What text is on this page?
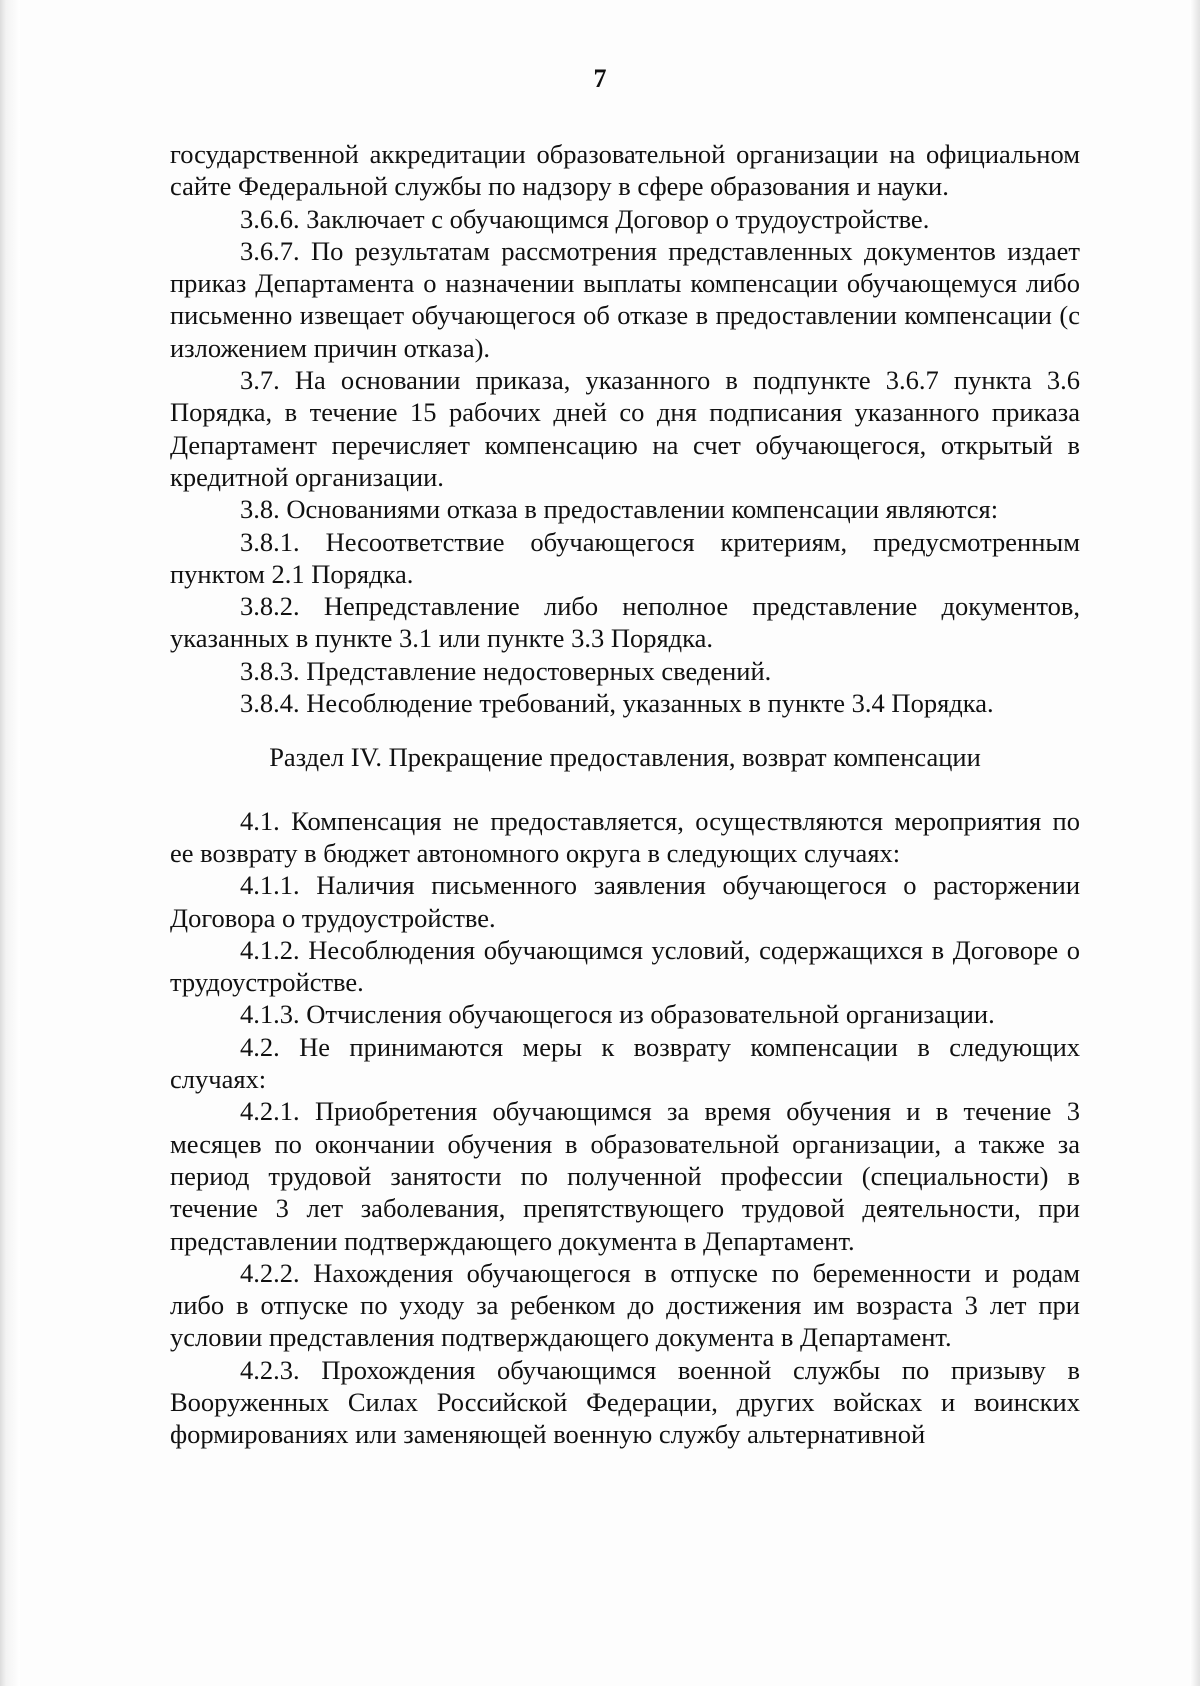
7

государственной аккредитации образовательной организации на официальном сайте Федеральной службы по надзору в сфере образования и науки.

3.6.6. Заключает с обучающимся Договор о трудоустройстве.

3.6.7. По результатам рассмотрения представленных документов издает приказ Департамента о назначении выплаты компенсации обучающемуся либо письменно извещает обучающегося об отказе в предоставлении компенсации (с изложением причин отказа).

3.7. На основании приказа, указанного в подпункте 3.6.7 пункта 3.6 Порядка, в течение 15 рабочих дней со дня подписания указанного приказа Департамент перечисляет компенсацию на счет обучающегося, открытый в кредитной организации.

3.8. Основаниями отказа в предоставлении компенсации являются:

3.8.1. Несоответствие обучающегося критериям, предусмотренным пунктом 2.1 Порядка.

3.8.2. Непредставление либо неполное представление документов, указанных в пункте 3.1 или пункте 3.3 Порядка.

3.8.3. Представление недостоверных сведений.

3.8.4. Несоблюдение требований, указанных в пункте 3.4 Порядка.

Раздел IV. Прекращение предоставления, возврат компенсации

4.1. Компенсация не предоставляется, осуществляются мероприятия по ее возврату в бюджет автономного округа в следующих случаях:

4.1.1. Наличия письменного заявления обучающегося о расторжении Договора о трудоустройстве.

4.1.2. Несоблюдения обучающимся условий, содержащихся в Договоре о трудоустройстве.

4.1.3. Отчисления обучающегося из образовательной организации.

4.2. Не принимаются меры к возврату компенсации в следующих случаях:

4.2.1. Приобретения обучающимся за время обучения и в течение 3 месяцев по окончании обучения в образовательной организации, а также за период трудовой занятости по полученной профессии (специальности) в течение 3 лет заболевания, препятствующего трудовой деятельности, при представлении подтверждающего документа в Департамент.

4.2.2. Нахождения обучающегося в отпуске по беременности и родам либо в отпуске по уходу за ребенком до достижения им возраста 3 лет при условии представления подтверждающего документа в Департамент.

4.2.3. Прохождения обучающимся военной службы по призыву в Вооруженных Силах Российской Федерации, других войсках и воинских формированиях или заменяющей военную службу альтернативной
